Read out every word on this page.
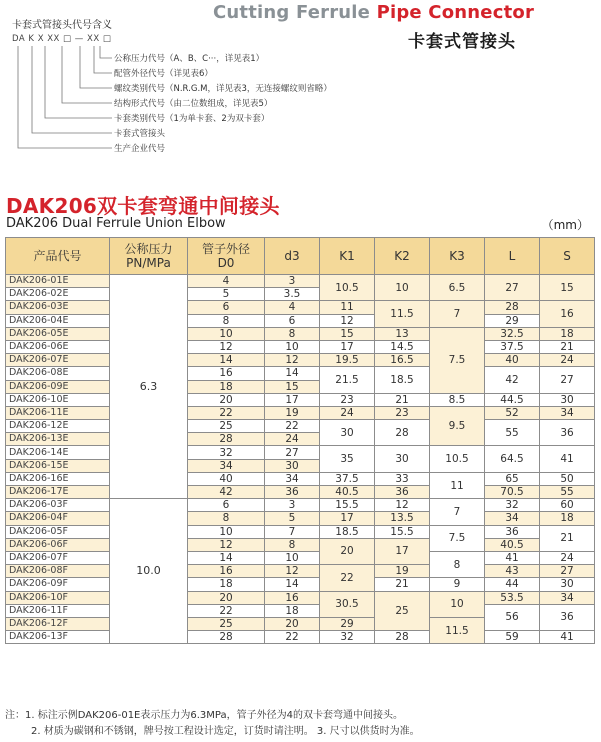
Cutting Ferrule Pipe Connector
卡套式管接头
卡套式管接头代号含义
DA K X XX □ — XX □
公称压力代号（A、B、C···，详见表1）
配管外径代号（详见表6）
螺纹类别代号（N.R.G.M，详见表3，无连接螺纹则省略）
结构形式代号（由二位数组成，详见表5）
卡套类别代号（1为单卡套、2为双卡套）
卡套式管接头
生产企业代号
DAK206双卡套弯通中间接头
DAK206 Dual Ferrule Union Elbow	（mm）
产品代号	公称压力
PN/MPa	管子外径
D0	d3	K1	K2	K3	L	S
DAK206-01E	6.3	4	3	10.5	10	6.5	27	15
DAK206-02E		5	3.5					
DAK206-03E		6	4	11	11.5	7	28	16
DAK206-04E		8	6	12			29	
DAK206-05E		10	8	15	13	7.5	32.5	18
DAK206-06E		12	10	17	14.5		37.5	21
DAK206-07E		14	12	19.5	16.5		40	24
DAK206-08E		16	14	21.5	18.5		42	27
DAK206-09E		18	15					
DAK206-10E		20	17	23	21	8.5	44.5	30
DAK206-11E		22	19	24	23	9.5	52	34
DAK206-12E		25	22	30	28		55	36
DAK206-13E		28	24					
DAK206-14E		32	27	35	30	10.5	64.5	41
DAK206-15E		34	30					
DAK206-16E		40	34	37.5	33	11	65	50
DAK206-17E		42	36	40.5	36		70.5	55
DAK206-03F	10.0	6	3	15.5	12	7	32	60
DAK206-04F		8	5	17	13.5		34	18
DAK206-05F		10	7	18.5	15.5	7.5	36	21
DAK206-06F		12	8	20	17		40.5	
DAK206-07F		14	10			8	41	24
DAK206-08F		16	12	22	19		43	27
DAK206-09F		18	14		21	9	44	30
DAK206-10F		20	16	30.5	25	10	53.5	34
DAK206-11F		22	18				56	36
DAK206-12F		25	20	29		11.5		
DAK206-13F		28	22	32	28		59	41
注：1. 标注示例DAK206-01E表示压力为6.3MPa，管子外径为4的双卡套弯通中间接头。
2. 材质为碳钢和不锈钢，牌号按工程设计选定，订货时请注明。 3. 尺寸以供货时为准。
